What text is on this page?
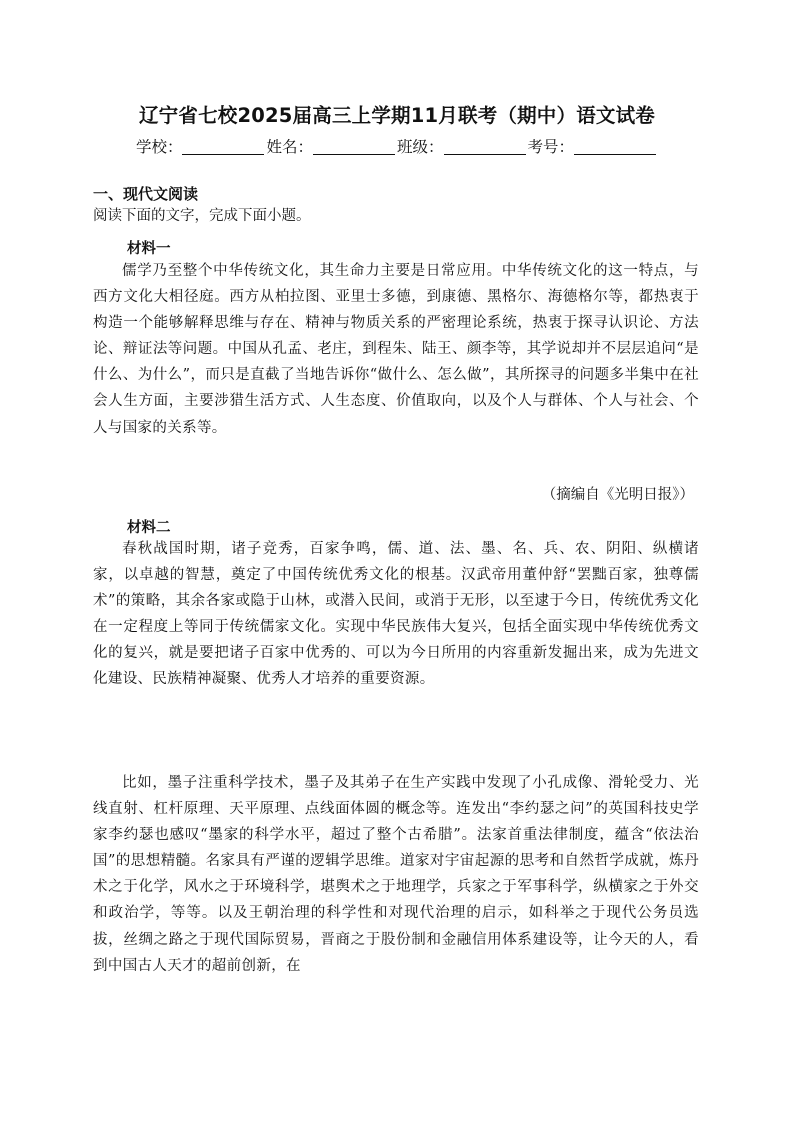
辽宁省七校2025届高三上学期11月联考（期中）语文试卷
学校：	姓名：	班级：	考号：
一、现代文阅读
阅读下面的文字，完成下面小题。
材料一

儒学乃至整个中华传统文化，其生命力主要是日常应用。中华传统文化的这一特点，与西方文化大相径庭。西方从柏拉图、亚里士多德，到康德、黑格尔、海德格尔等，都热衷于构造一个能够解释思维与存在、精神与物质关系的严密理论系统，热衷于探寻认识论、方法论、辩证法等问题。中国从孔孟、老庄，到程朱、陆王、颜李等，其学说却并不层层追问“是什么、为什么”，而只是直截了当地告诉你“做什么、怎么做”，其所探寻的问题多半集中在社会人生方面，主要涉猎生活方式、人生态度、价值取向，以及个人与群体、个人与社会、个人与国家的关系等。

（摘编自《光明日报》）
材料二

春秋战国时期，诸子竞秀，百家争鸣，儒、道、法、墨、名、兵、农、阴阳、纵横诸家，以卓越的智慧，奠定了中国传统优秀文化的根基。汉武帝用董仲舒“罢黜百家，独尊儒术”的策略，其余各家或隐于山林，或潜入民间，或消于无形，以至逮于今日，传统优秀文化在一定程度上等同于传统儒家文化。实现中华民族伟大复兴，包括全面实现中华传统优秀文化的复兴，就是要把诸子百家中优秀的、可以为今日所用的内容重新发掘出来，成为先进文化建设、民族精神凝聚、优秀人才培养的重要资源。

比如，墨子注重科学技术，墨子及其弟子在生产实践中发现了小孔成像、滑轮受力、光线直射、杠杆原理、天平原理、点线面体圆的概念等。连发出“李约瑟之问”的英国科技史学家李约瑟也感叹“墨家的科学水平，超过了整个古希腊”。法家首重法律制度，蕴含“依法治国”的思想精髓。名家具有严谨的逻辑学思维。道家对宇宙起源的思考和自然哲学成就，炼丹术之于化学，风水之于环境科学，堪舆术之于地理学，兵家之于军事科学，纵横家之于外交和政治学，等等。以及王朝治理的科学性和对现代治理的启示，如科举之于现代公务员选拔，丝绸之路之于现代国际贸易，晋商之于股份制和金融信用体系建设等，让今天的人，看到中国古人天才的超前创新，在
